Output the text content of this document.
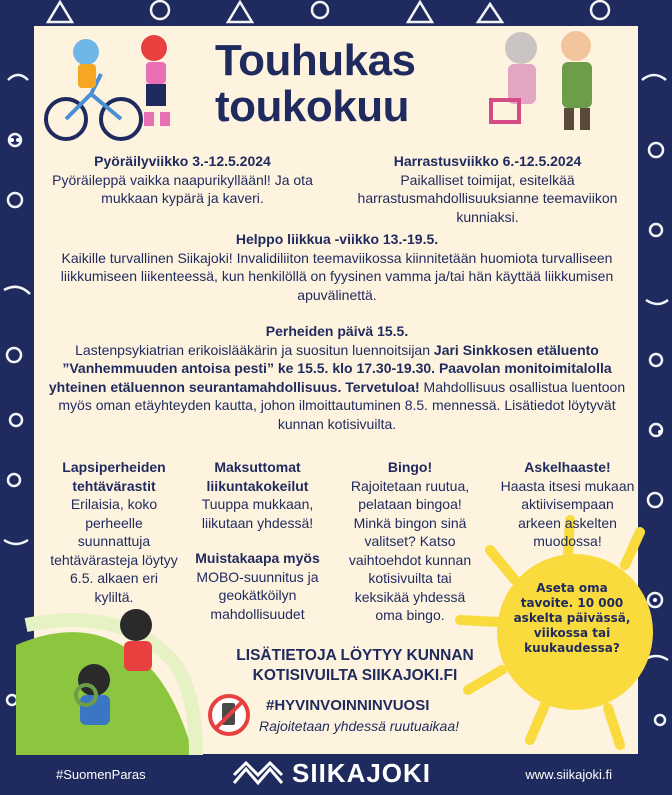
Touhukas
toukokuu
Pyöräilyviikko 3.-12.5.2024
Pyöräileppä vaikka naapurikylläänl! Ja ota mukkaan kypärä ja kaveri.
Harrastusviikko 6.-12.5.2024
Paikalliset toimijat, esitelkää harrastusmahdollisuuksianne teemaviikon kunniaksi.
Helppo liikkua -viikko 13.-19.5.
Kaikille turvallinen Siikajoki! Invalidiliiton teemaviikossa kiinnitetään huomiota turvalliseen liikkumiseen liikenteessä, kun henkilöllä on fyysinen vamma ja/tai hän käyttää liikkumisen apuvälinettä.
Perheiden päivä 15.5.
Lastenpsykiatrian erikoislääkärin ja suositun luennoitsijan Jari Sinkkosen etäluento ”Vanhemmuuden antoisa pesti” ke 15.5. klo 17.30-19.30. Paavolan monitoimitalolla yhteinen etäluennon seurantamahdollisuus. Tervetuloa! Mahdollisuus osallistua luentoon myös oman etäyhteyden kautta, johon ilmoittautuminen 8.5. mennessä. Lisätiedot löytyvät kunnan kotisivuilta.
Lapsiperheiden tehtävärastit
Erilaisia, koko perheelle suunnattuja tehtävärasteja löytyy 6.5. alkaen eri kyliltä.
Maksuttomat liikuntakokeilut
Tuuppa mukkaan, liikutaan yhdessä!
Muistakaapa myös
MOBO-suunnitus ja geokätköilyn mahdollisuudet
Bingo!
Rajoitetaan ruutua, pelataan bingoa! Minkä bingon sinä valitset? Katso vaihtoehdot kunnan kotisivuilta tai keksikää yhdessä oma bingo.
Askelhaaste!
Haasta itsesi mukaan aktiivisempaan arkeen askelten muodossa!
Aseta oma tavoite. 10 000 askelta päivässä, viikossa tai kuukaudessa?
LISÄTIETOJA LÖYTYY KUNNAN KOTISIVUILTA SIIKAJOKI.FI
#HYVINVOINNINVUOSI
Rajoitetaan yhdessä ruutuaikaa!
#SuomenParas	SIIKAJOKI	www.siikajoki.fi
